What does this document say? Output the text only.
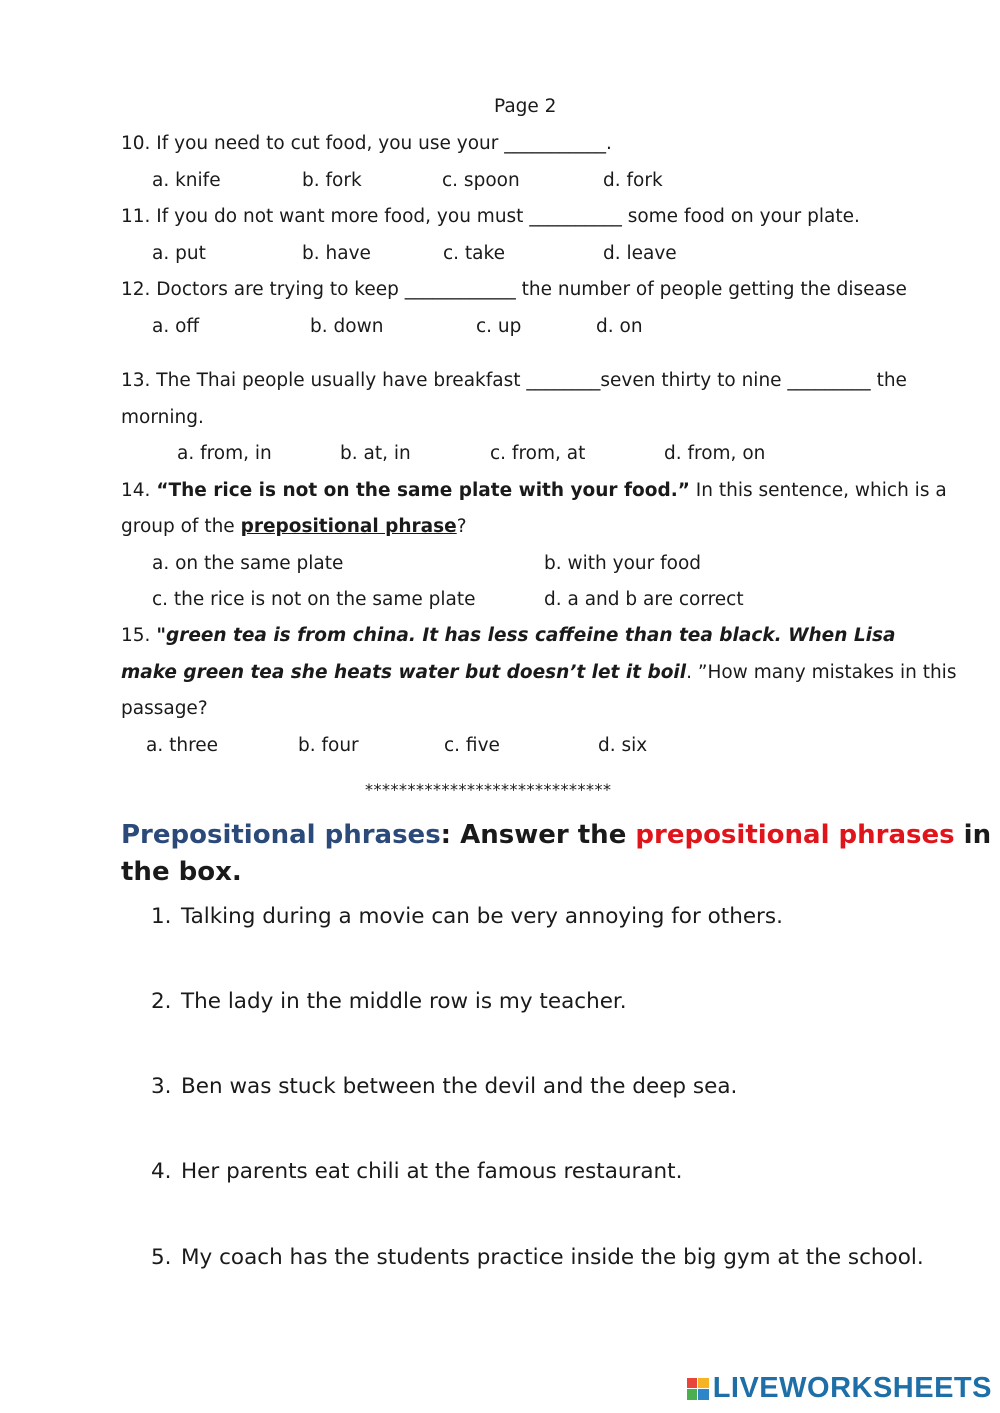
Page 2
10. If you need to cut food, you use your ___________.
a. knife	b. fork	c. spoon	d. fork
11. If you do not want more food, you must __________ some food on your plate.
a. put	b. have	c. take	d. leave
12. Doctors are trying to keep ____________ the number of people getting the disease
a. off	b. down	c. up	d. on
13. The Thai people usually have breakfast ________seven thirty to nine _________ the
morning.
a. from, in	b. at, in	c. from, at	d. from, on
14. “The rice is not on the same plate with your food.” In this sentence, which is a
group of the prepositional phrase?
a. on the same plate	b. with your food
c. the rice is not on the same plate	d. a and b are correct
15. "green tea is from china. It has less caffeine than tea black. When Lisa
make green tea she heats water but doesn’t let it boil. ”How many mistakes in this
passage?
a. three	b. four	c. five	d. six
*****************************
Prepositional phrases: Answer the prepositional phrases in
the box.
1. Talking during a movie can be very annoying for others.
2. The lady in the middle row is my teacher.
3. Ben was stuck between the devil and the deep sea.
4. Her parents eat chili at the famous restaurant.
5. My coach has the students practice inside the big gym at the school.
LIVEWORKSHEETS
